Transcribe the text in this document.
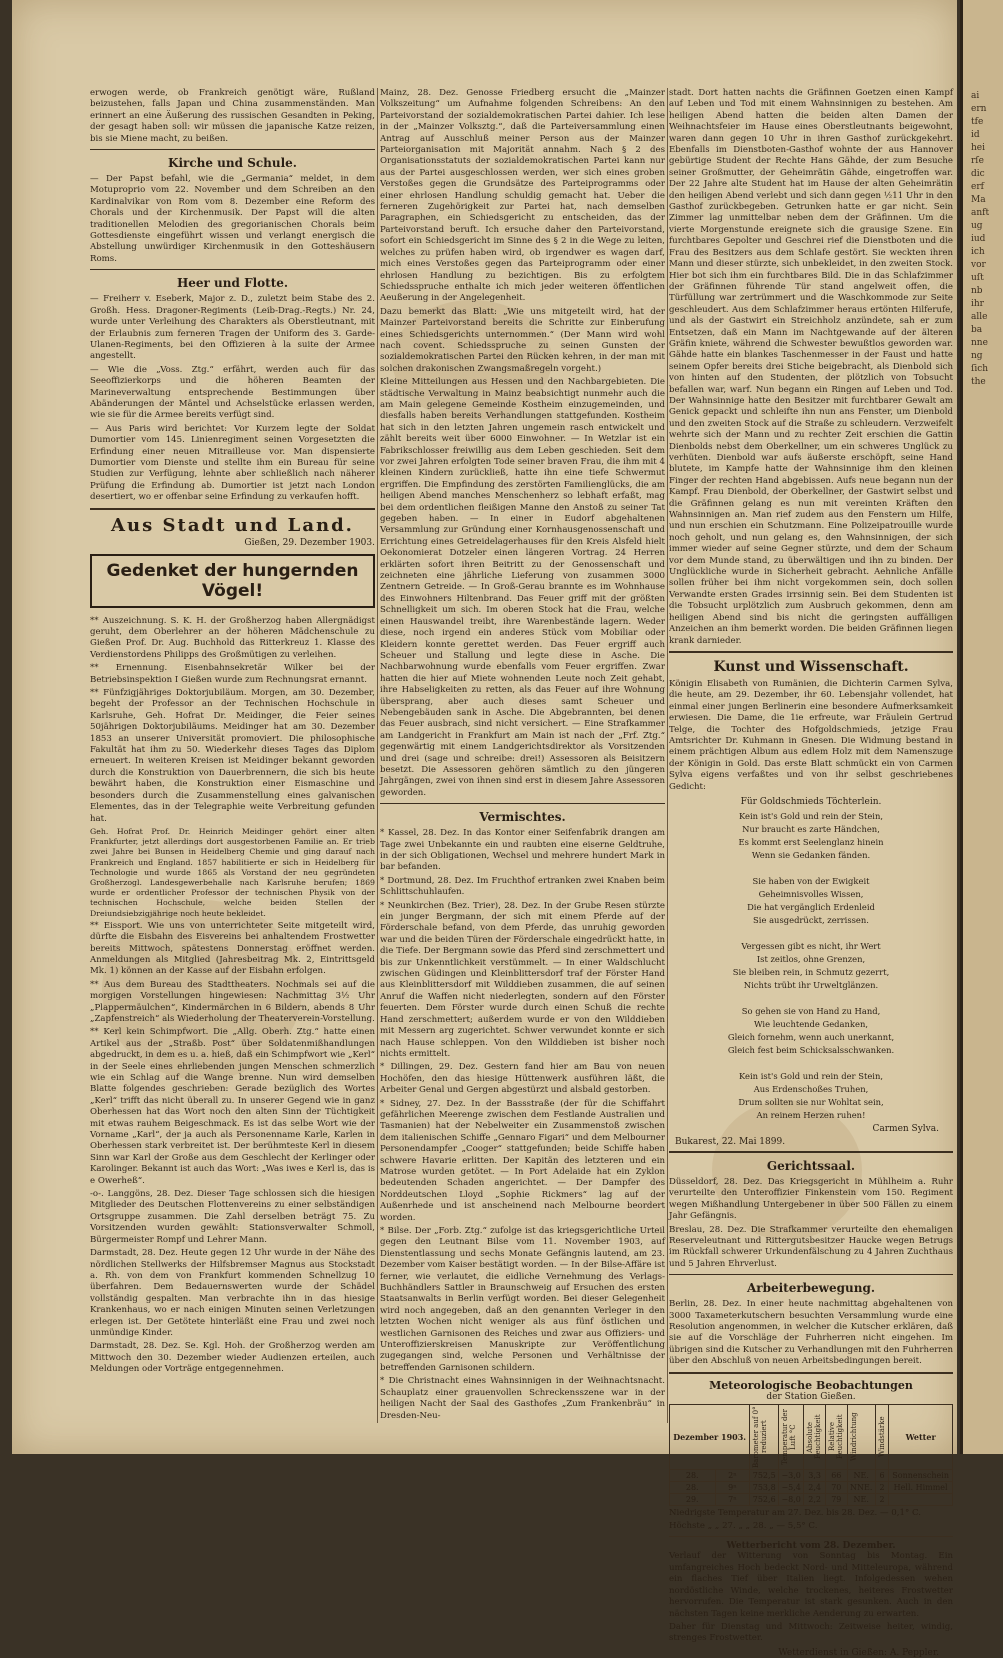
erwogen werde, ob Frankreich genötigt wäre, Rußland beizustehen, falls Japan und China zusammenständen. Man erinnert an eine Äußerung des russischen Gesandten in Peking, der gesagt haben soll: wir müssen die japanische Katze reizen, bis sie Miene macht, zu beißen.

Kirche und Schule.

— Der Papst befahl, wie die „Germania“ meldet, in dem Motuproprio vom 22. November und dem Schreiben an den Kardinalvikar von Rom vom 8. Dezember eine Reform des Chorals und der Kirchenmusik. Der Papst will die alten traditionellen Melodien des gregorianischen Chorals beim Gottesdienste eingeführt wissen und verlangt energisch die Abstellung unwürdiger Kirchenmusik in den Gotteshäusern Roms.

Heer und Flotte.

— Freiherr v. Eseberk, Major z. D., zuletzt beim Stabe des 2. Großh. Hess. Dragoner-Regiments (Leib-Drag.-Regts.) Nr. 24, wurde unter Verleihung des Charakters als Oberstleutnant, mit der Erlaubnis zum ferneren Tragen der Uniform des 3. Garde-Ulanen-Regiments, bei den Offizieren à la suite der Armee angestellt.

— Wie die „Voss. Ztg.“ erfährt, werden auch für das Seeoffizierkorps und die höheren Beamten der Marineverwaltung entsprechende Bestimmungen über Abänderungen der Mäntel und Achselstücke erlassen werden, wie sie für die Armee bereits verfügt sind.

— Aus Paris wird berichtet: Vor Kurzem legte der Soldat Dumortier vom 145. Linienregiment seinen Vorgesetzten die Erfindung einer neuen Mitrailleuse vor. Man dispensierte Dumortier vom Dienste und stellte ihm ein Bureau für seine Studien zur Verfügung, lehnte aber schließlich nach näherer Prüfung die Erfindung ab. Dumortier ist jetzt nach London desertiert, wo er offenbar seine Erfindung zu verkaufen hofft.

Aus Stadt und Land.
Gießen, 29. Dezember 1903.
Gedenket der hungernden Vögel!

** Auszeichnung. S. K. H. der Großherzog haben Allergnädigst geruht, dem Oberlehrer an der höheren Mädchenschule zu Gießen Prof. Dr. Aug. Buchhold das Ritterkreuz 1. Klasse des Verdienstordens Philipps des Großmütigen zu verleihen.

** Ernennung. Eisenbahnsekretär Wilker bei der Betriebsinspektion I Gießen wurde zum Rechnungsrat ernannt.

** Fünfzigjähriges Doktorjubiläum. Morgen, am 30. Dezember, begeht der Professor an der Technischen Hochschule in Karlsruhe, Geh. Hofrat Dr. Meidinger, die Feier seines 50jährigen Doktorjubiläums. Meidinger hat am 30. Dezember 1853 an unserer Universität promoviert. Die philosophische Fakultät hat ihm zu 50. Wiederkehr dieses Tages das Diplom erneuert. In weiteren Kreisen ist Meidinger bekannt geworden durch die Konstruktion von Dauerbrennern, die sich bis heute bewährt haben, die Konstruktion einer Eismaschine und besonders durch die Zusammenstellung eines galvanischen Elementes, das in der Telegraphie weite Verbreitung gefunden hat.

Geh. Hofrat Prof. Dr. Heinrich Meidinger gehört einer alten Frankfurter, jetzt allerdings dort ausgestorbenen Familie an. Er trieb zwei Jahre bei Bunsen in Heidelberg Chemie und ging darauf nach Frankreich und England. 1857 habilitierte er sich in Heidelberg für Technologie und wurde 1865 als Vorstand der neu gegründeten Großherzogl. Landesgewerbehalle nach Karlsruhe berufen; 1869 wurde er ordentlicher Professor der technischen Physik von der technischen Hochschule, welche beiden Stellen der Dreiundsiebzigjährige noch heute bekleidet.

** Eissport. Wie uns von unterrichteter Seite mitgeteilt wird, dürfte die Eisbahn des Eisvereins bei anhaltendem Frostwetter bereits Mittwoch, spätestens Donnerstag eröffnet werden. Anmeldungen als Mitglied (Jahresbeitrag Mk. 2, Eintrittsgeld Mk. 1) können an der Kasse auf der Eisbahn erfolgen.

** Aus dem Bureau des Stadttheaters. Nochmals sei auf die morgigen Vorstellungen hingewiesen: Nachmittag 3½ Uhr „Plappermäulchen“, Kindermärchen in 6 Bildern, abends 8 Uhr „Zapfenstreich“ als Wiederholung der Theaterverein-Vorstellung.

** Kerl kein Schimpfwort. Die „Allg. Oberh. Ztg.“ hatte einen Artikel aus der „Straßb. Post“ über Soldatenmißhandlungen abgedruckt, in dem es u. a. hieß, daß ein Schimpfwort wie „Kerl“ in der Seele eines ehrliebenden jungen Menschen schmerzlich wie ein Schlag auf die Wange brenne. Nun wird demselben Blatte folgendes geschrieben: Gerade bezüglich des Wortes „Kerl“ trifft das nicht überall zu. In unserer Gegend wie in ganz Oberhessen hat das Wort noch den alten Sinn der Tüchtigkeit mit etwas rauhem Beigeschmack. Es ist das selbe Wort wie der Vorname „Karl“, der ja auch als Personenname Karle, Karlen in Oberhessen stark verbreitet ist. Der berühmteste Kerl in diesem Sinn war Karl der Große aus dem Geschlecht der Kerlinger oder Karolinger. Bekannt ist auch das Wort: „Was iwes e Kerl is, das is e Owerheß“.

-o-. Langgöns, 28. Dez. Dieser Tage schlossen sich die hiesigen Mitglieder des Deutschen Flottenvereins zu einer selbständigen Ortsgruppe zusammen. Die Zahl derselben beträgt 75. Zu Vorsitzenden wurden gewählt: Stationsverwalter Schmoll, Bürgermeister Rompf und Lehrer Mann.

Darmstadt, 28. Dez. Heute gegen 12 Uhr wurde in der Nähe des nördlichen Stellwerks der Hilfsbremser Magnus aus Stockstadt a. Rh. von dem von Frankfurt kommenden Schnellzug 10 überfahren. Dem Bedauernswerten wurde der Schädel vollständig gespalten. Man verbrachte ihn in das hiesige Krankenhaus, wo er nach einigen Minuten seinen Verletzungen erlegen ist. Der Getötete hinterläßt eine Frau und zwei noch unmündige Kinder.

Darmstadt, 28. Dez. Se. Kgl. Hoh. der Großherzog werden am Mittwoch den 30. Dezember wieder Audienzen erteilen, auch Meldungen oder Vorträge entgegennehmen.

Mainz, 28. Dez. Genosse Friedberg ersucht die „Mainzer Volkszeitung“ um Aufnahme folgenden Schreibens: An den Parteivorstand der sozialdemokratischen Partei dahier. Ich lese in der „Mainzer Volksztg.“, daß die Parteiversammlung einen Antrag auf Ausschluß meiner Person aus der Mainzer Parteiorganisation mit Majorität annahm. Nach § 2 des Organisationsstatuts der sozialdemokratischen Partei kann nur aus der Partei ausgeschlossen werden, wer sich eines groben Verstoßes gegen die Grundsätze des Parteiprogramms oder einer ehrlosen Handlung schuldig gemacht hat. Ueber die ferneren Zugehörigkeit zur Partei hat, nach demselben Paragraphen, ein Schiedsgericht zu entscheiden, das der Parteivorstand beruft. Ich ersuche daher den Parteivorstand, sofort ein Schiedsgericht im Sinne des § 2 in die Wege zu leiten, welches zu prüfen haben wird, ob irgendwer es wagen darf, mich eines Verstoßes gegen das Parteiprogramm oder einer ehrlosen Handlung zu bezichtigen. Bis zu erfolgtem Schiedsspruche enthalte ich mich jeder weiteren öffentlichen Aeußerung in der Angelegenheit.

Dazu bemerkt das Blatt: „Wie uns mitgeteilt wird, hat der Mainzer Parteivorstand bereits die Schritte zur Einberufung eines Schiedsgerichts unternommen.“ (Der Mann wird wohl nach covent. Schiedsspruche zu seinen Gunsten der sozialdemokratischen Partei den Rücken kehren, in der man mit solchen drakonischen Zwangsmaßregeln vorgeht.)

Kleine Mitteilungen aus Hessen und den Nachbargebieten. Die städtische Verwaltung in Mainz beabsichtigt nunmehr auch die am Main gelegene Gemeinde Kostheim einzugemeinden, und diesfalls haben bereits Verhandlungen stattgefunden. Kostheim hat sich in den letzten Jahren ungemein rasch entwickelt und zählt bereits weit über 6000 Einwohner. — In Wetzlar ist ein Fabrikschlosser freiwillig aus dem Leben geschieden. Seit dem vor zwei Jahren erfolgten Tode seiner braven Frau, die ihm mit 4 kleinen Kindern zurückließ, hatte ihn eine tiefe Schwermut ergriffen. Die Empfindung des zerstörten Familienglücks, die am heiligen Abend manches Menschenherz so lebhaft erfaßt, mag bei dem ordentlichen fleißigen Manne den Anstoß zu seiner Tat gegeben haben. — In einer in Eudorf abgehaltenen Versammlung zur Gründung einer Kornhausgenossenschaft und Errichtung eines Getreidelagerhauses für den Kreis Alsfeld hielt Oekonomierat Dotzeler einen längeren Vortrag. 24 Herren erklärten sofort ihren Beitritt zu der Genossenschaft und zeichneten eine jährliche Lieferung von zusammen 3000 Zentnern Getreide. — In Groß-Gerau brannte es im Wohnhause des Einwohners Hiltenbrand. Das Feuer griff mit der größten Schnelligkeit um sich. Im oberen Stock hat die Frau, welche einen Hauswandel treibt, ihre Warenbestände lagern. Weder diese, noch irgend ein anderes Stück vom Mobiliar oder Kleidern konnte gerettet werden. Das Feuer ergriff auch Scheuer und Stallung und legte diese in Asche. Die Nachbarwohnung wurde ebenfalls vom Feuer ergriffen. Zwar hatten die hier auf Miete wohnenden Leute noch Zeit gehabt, ihre Habseligkeiten zu retten, als das Feuer auf ihre Wohnung übersprang, aber auch dieses samt Scheuer und Nebengebäuden sank in Asche. Die Abgebrannten, bei denen das Feuer ausbrach, sind nicht versichert. — Eine Strafkammer am Landgericht in Frankfurt am Main ist nach der „Frf. Ztg.“ gegenwärtig mit einem Landgerichtsdirektor als Vorsitzenden und drei (sage und schreibe: drei!) Assessoren als Beisitzern besetzt. Die Assessoren gehören sämtlich zu den jüngeren Jahrgängen, zwei von ihnen sind erst in diesem Jahre Assessoren geworden.

Vermischtes.

* Kassel, 28. Dez. In das Kontor einer Seifenfabrik drangen am Tage zwei Unbekannte ein und raubten eine eiserne Geldtruhe, in der sich Obligationen, Wechsel und mehrere hundert Mark in bar befanden.

* Dortmund, 28. Dez. Im Fruchthof ertranken zwei Knaben beim Schlittschuhlaufen.

* Neunkirchen (Bez. Trier), 28. Dez. In der Grube Resen stürzte ein junger Bergmann, der sich mit einem Pferde auf der Förderschale befand, von dem Pferde, das unruhig geworden war und die beiden Türen der Förderschale eingedrückt hatte, in die Tiefe. Der Bergmann sowie das Pferd sind zerschmettert und bis zur Unkenntlichkeit verstümmelt. — In einer Waldschlucht zwischen Güdingen und Kleinblittersdorf traf der Förster Hand aus Kleinblittersdorf mit Wilddieben zusammen, die auf seinen Anruf die Waffen nicht niederlegten, sondern auf den Förster feuerten. Dem Förster wurde durch einen Schuß die rechte Hand zerschmettert; außerdem wurde er von den Wilddieben mit Messern arg zugerichtet. Schwer verwundet konnte er sich nach Hause schleppen. Von den Wilddieben ist bisher noch nichts ermittelt.

* Dillingen, 29. Dez. Gestern fand hier am Bau von neuen Hochöfen, den das hiesige Hüttenwerk ausführen läßt, die Arbeiter Genal und Gergen abgestürzt und alsbald gestorben.

* Sidney, 27. Dez. In der Bassstraße (der für die Schiffahrt gefährlichen Meerenge zwischen dem Festlande Australien und Tasmanien) hat der Nebelweiter ein Zusammenstoß zwischen dem italienischen Schiffe „Gennaro Figari“ und dem Melbourner Personendampfer „Cooger“ stattgefunden; beide Schiffe haben schwere Havarie erlitten. Der Kapitän des letzteren und ein Matrose wurden getötet. — In Port Adelaide hat ein Zyklon bedeutenden Schaden angerichtet. — Der Dampfer des Norddeutschen Lloyd „Sophie Rickmers“ lag auf der Außenrhede und ist anscheinend nach Melbourne beordert worden.

* Bilse. Der „Forb. Ztg.“ zufolge ist das kriegsgerichtliche Urteil gegen den Leutnant Bilse vom 11. November 1903, auf Dienstentlassung und sechs Monate Gefängnis lautend, am 23. Dezember vom Kaiser bestätigt worden. — In der Bilse-Affäre ist ferner, wie verlautet, die eidliche Vernehmung des Verlags-Buchhändlers Sattler in Braunschweig auf Ersuchen des ersten Staatsanwalts in Berlin verfügt worden. Bei dieser Gelegenheit wird noch angegeben, daß an den genannten Verleger in den letzten Wochen nicht weniger als aus fünf östlichen und westlichen Garnisonen des Reiches und zwar aus Offiziers- und Unteroffizierskreisen Manuskripte zur Veröffentlichung zugegangen sind, welche Personen und Verhältnisse der betreffenden Garnisonen schildern.

* Die Christnacht eines Wahnsinnigen in der Weihnachtsnacht. Schauplatz einer grauenvollen Schreckensszene war in der heiligen Nacht der Saal des Gasthofes „Zum Frankenbräu“ in Dresden-Neu-

stadt. Dort hatten nachts die Gräfinnen Goetzen einen Kampf auf Leben und Tod mit einem Wahnsinnigen zu bestehen. Am heiligen Abend hatten die beiden alten Damen der Weihnachtsfeier im Hause eines Oberstleutnants beigewohnt, waren dann gegen 10 Uhr in ihren Gasthof zurückgekehrt. Ebenfalls im Dienstboten-Gasthof wohnte der aus Hannover gebürtige Student der Rechte Hans Gähde, der zum Besuche seiner Großmutter, der Geheimrätin Gähde, eingetroffen war. Der 22 Jahre alte Student hat im Hause der alten Geheimrätin den heiligen Abend verlebt und sich dann gegen ½11 Uhr in den Gasthof zurückbegeben. Getrunken hatte er gar nicht. Sein Zimmer lag unmittelbar neben dem der Gräfinnen. Um die vierte Morgenstunde ereignete sich die grausige Szene. Ein furchtbares Gepolter und Geschrei rief die Dienstboten und die Frau des Besitzers aus dem Schlafe gestört. Sie weckten ihren Mann und dieser stürzte, sich unbekleidet, in den zweiten Stock. Hier bot sich ihm ein furchtbares Bild. Die in das Schlafzimmer der Gräfinnen führende Tür stand angelweit offen, die Türfüllung war zertrümmert und die Waschkommode zur Seite geschleudert. Aus dem Schlafzimmer heraus ertönten Hilferufe, und als der Gastwirt ein Streichholz anzündete, sah er zum Entsetzen, daß ein Mann im Nachtgewande auf der älteren Gräfin kniete, während die Schwester bewußtlos geworden war. Gähde hatte ein blankes Taschenmesser in der Faust und hatte seinem Opfer bereits drei Stiche beigebracht, als Dienbold sich von hinten auf den Studenten, der plötzlich von Tobsucht befallen war, warf. Nun begann ein Ringen auf Leben und Tod. Der Wahnsinnige hatte den Besitzer mit furchtbarer Gewalt am Genick gepackt und schleifte ihn nun ans Fenster, um Dienbold und den zweiten Stock auf die Straße zu schleudern. Verzweifelt wehrte sich der Mann und zu rechter Zeit erschien die Gattin Dienbolds nebst dem Oberkellner, um ein schweres Unglück zu verhüten. Dienbold war aufs äußerste erschöpft, seine Hand blutete, im Kampfe hatte der Wahnsinnige ihm den kleinen Finger der rechten Hand abgebissen. Aufs neue begann nun der Kampf. Frau Dienbold, der Oberkellner, der Gastwirt selbst und die Gräfinnen gelang es nun mit vereinten Kräften den Wahnsinnigen an. Man rief zudem aus den Fenstern um Hilfe, und nun erschien ein Schutzmann. Eine Polizeipatrouille wurde noch geholt, und nun gelang es, den Wahnsinnigen, der sich immer wieder auf seine Gegner stürzte, und dem der Schaum vor dem Munde stand, zu überwältigen und ihn zu binden. Der Unglückliche wurde in Sicherheit gebracht. Aehnliche Anfälle sollen früher bei ihm nicht vorgekommen sein, doch sollen Verwandte ersten Grades irrsinnig sein. Bei dem Studenten ist die Tobsucht urplötzlich zum Ausbruch gekommen, denn am heiligen Abend sind bis nicht die geringsten auffälligen Anzeichen an ihm bemerkt worden. Die beiden Gräfinnen liegen krank darnieder.

Kunst und Wissenschaft.

Königin Elisabeth von Rumänien, die Dichterin Carmen Sylva, die heute, am 29. Dezember, ihr 60. Lebensjahr vollendet, hat einmal einer jungen Berlinerin eine besondere Aufmerksamkeit erwiesen. Die Dame, die 1ie erfreute, war Fräulein Gertrud Telge, die Tochter des Hofgoldschmieds, jetzige Frau Amtsrichter Dr. Kuhmann in Gnesen. Die Widmung bestand in einem prächtigen Album aus edlem Holz mit dem Namenszuge der Königin in Gold. Das erste Blatt schmückt ein von Carmen Sylva eigens verfaßtes und von ihr selbst geschriebenes Gedicht:

Für Goldschmieds Töchterlein.
Kein ist's Gold und rein der Stein,
Nur braucht es zarte Händchen,
Es kommt erst Seelenglanz hinein
Wenn sie Gedanken fänden.

Sie haben von der Ewigkeit
Geheimnisvolles Wissen,
Die hat vergänglich Erdenleid
Sie ausgedrückt, zerrissen.

Vergessen gibt es nicht, ihr Wert
Ist zeitlos, ohne Grenzen,
Sie bleiben rein, in Schmutz gezerrt,
Nichts trübt ihr Urweltglänzen.

So gehen sie von Hand zu Hand,
Wie leuchtende Gedanken,
Gleich fornehm, wenn auch unerkannt,
Gleich fest beim Schicksalsschwanken.

Kein ist's Gold und rein der Stein,
Aus Erdenschoßes Truhen,
Drum sollten sie nur Wohltat sein,
An reinem Herzen ruhen!
Carmen Sylva.
Bukarest, 22. Mai 1899.
Gerichtssaal.

Düsseldorf, 28. Dez. Das Kriegsgericht in Mühlheim a. Ruhr verurteilte den Unteroffizier Finkenstein vom 150. Regiment wegen Mißhandlung Untergebener in über 500 Fällen zu einem Jahr Gefängnis.

Breslau, 28. Dez. Die Strafkammer verurteilte den ehemaligen Reserveleutnant und Rittergutsbesitzer Haucke wegen Betrugs im Rückfall schwerer Urkundenfälschung zu 4 Jahren Zuchthaus und 5 Jahren Ehrverlust.

Arbeiterbewegung.

Berlin, 28. Dez. In einer heute nachmittag abgehaltenen von 3000 Taxameterkutschern besuchten Versammlung wurde eine Resolution angenommen, in welcher die Kutscher erklären, daß sie auf die Vorschläge der Fuhrherren nicht eingehen. Im übrigen sind die Kutscher zu Verhandlungen mit den Fuhrherren über den Abschluß von neuen Arbeitsbedingungen bereit.

Meteorologische Beobachtungen
der Station Gießen.
Dezember 1903.		Barometer auf 0° reduziert	Temperatur der Luft °C	Absolute Feuchtigkeit	Relative Feuchtigkeit	Windrichtung	Windstärke	Wetter
28.	2ⁿ	752,5	−3,0	3,3	66	NE.	6	Sonnenschein
28.	9ⁿ	753,8	−5,4	2,4	70	NNE.	2	Hell. Himmel
29.	7ⁿ	752,6	−8,0	2,2	79	NE.	2	

Niedrigste Temperatur am 27. Dez. bis 28. Dez. — 0,1° C.

Höchste „ „ 27. „ „ 28. „ — 5,5° C.

Wetterbericht vom 28. Dezember.

Verlauf der Witterung von Sonntag bis Montag. Ein umfangreiches Hoch bedeckt Nord- und Mitteleuropa, während ein flaches Tief über Italien liegt. Infolgedessen wehen nordöstliche Winde, welche trockenes, heiteres Frostwetter hervorrufen. Die Temperatur ist stark gesunken. Auch in den nächsten Tagen keine merkliche Aenderung zu erwarten.

Daher für Dienstag und Mittwoch: Zeitweise heiter, windig, strenges Frostwetter.

Wetterdienst in Gießen: A. Peppler.
ai
ern
tfe
id
hei
rſe
dic
erf
Ma
anft
ug
iud
ich
vor
uſt
nb
ihr
alle
ba
nne
ng
ſich
the
